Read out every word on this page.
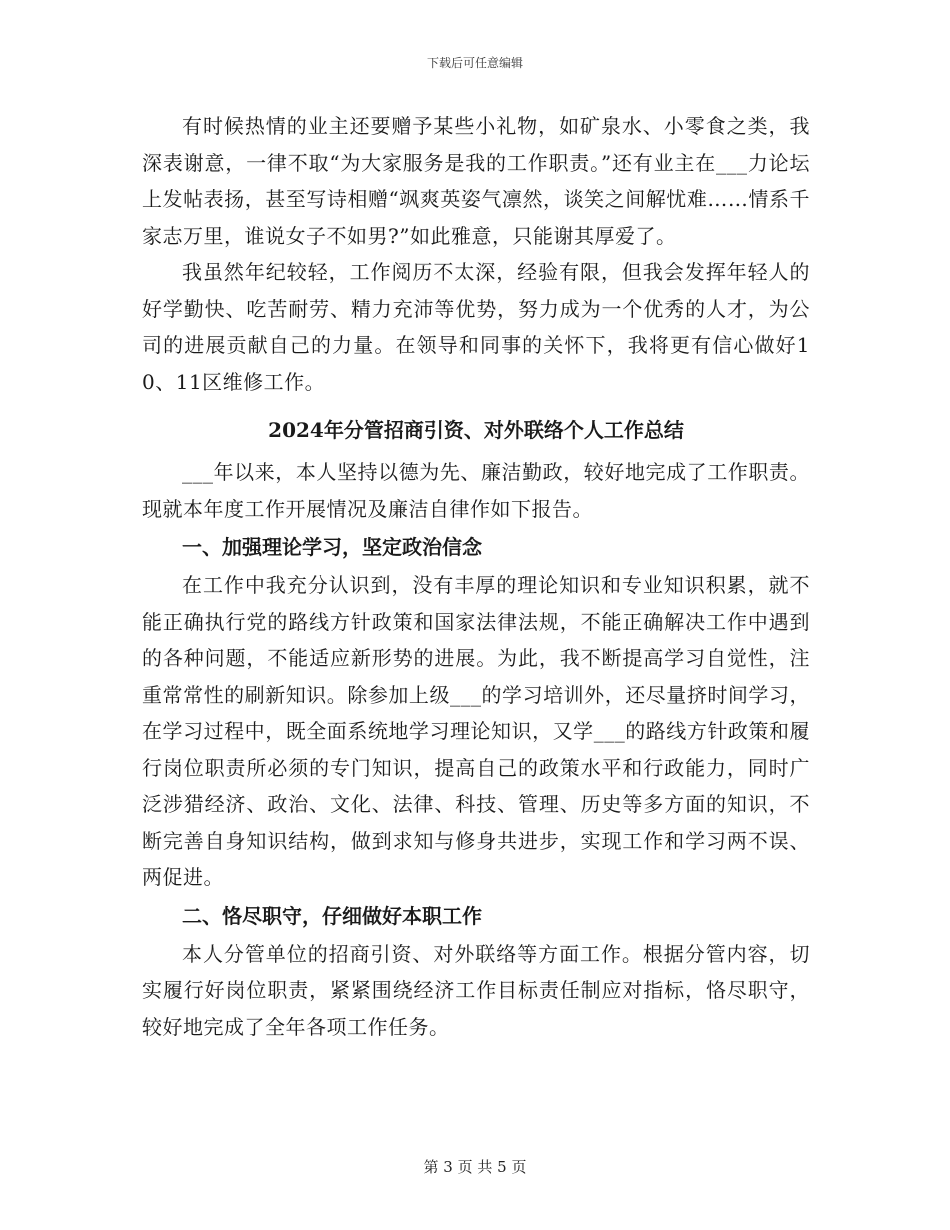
下载后可任意编辑

有时候热情的业主还要赠予某些小礼物，如矿泉水、小零食之类，我深表谢意，一律不取“为大家服务是我的工作职责。”还有业主在___力论坛上发帖表扬，甚至写诗相赠“飒爽英姿气凛然，谈笑之间解忧难……情系千家志万里，谁说女子不如男?”如此雅意，只能谢其厚爱了。

我虽然年纪较轻，工作阅历不太深，经验有限，但我会发挥年轻人的好学勤快、吃苦耐劳、精力充沛等优势，努力成为一个优秀的人才，为公司的进展贡献自己的力量。在领导和同事的关怀下，我将更有信心做好10、11区维修工作。

2024年分管招商引资、对外联络个人工作总结

___年以来，本人坚持以德为先、廉洁勤政，较好地完成了工作职责。现就本年度工作开展情况及廉洁自律作如下报告。

一、加强理论学习，坚定政治信念

在工作中我充分认识到，没有丰厚的理论知识和专业知识积累，就不能正确执行党的路线方针政策和国家法律法规，不能正确解决工作中遇到的各种问题，不能适应新形势的进展。为此，我不断提高学习自觉性，注重常常性的刷新知识。除参加上级___的学习培训外，还尽量挤时间学习，在学习过程中，既全面系统地学习理论知识，又学___的路线方针政策和履行岗位职责所必须的专门知识，提高自己的政策水平和行政能力，同时广泛涉猎经济、政治、文化、法律、科技、管理、历史等多方面的知识，不断完善自身知识结构，做到求知与修身共进步，实现工作和学习两不误、两促进。

二、恪尽职守，仔细做好本职工作

本人分管单位的招商引资、对外联络等方面工作。根据分管内容，切实履行好岗位职责，紧紧围绕经济工作目标责任制应对指标，恪尽职守，较好地完成了全年各项工作任务。

第 3 页 共 5 页
